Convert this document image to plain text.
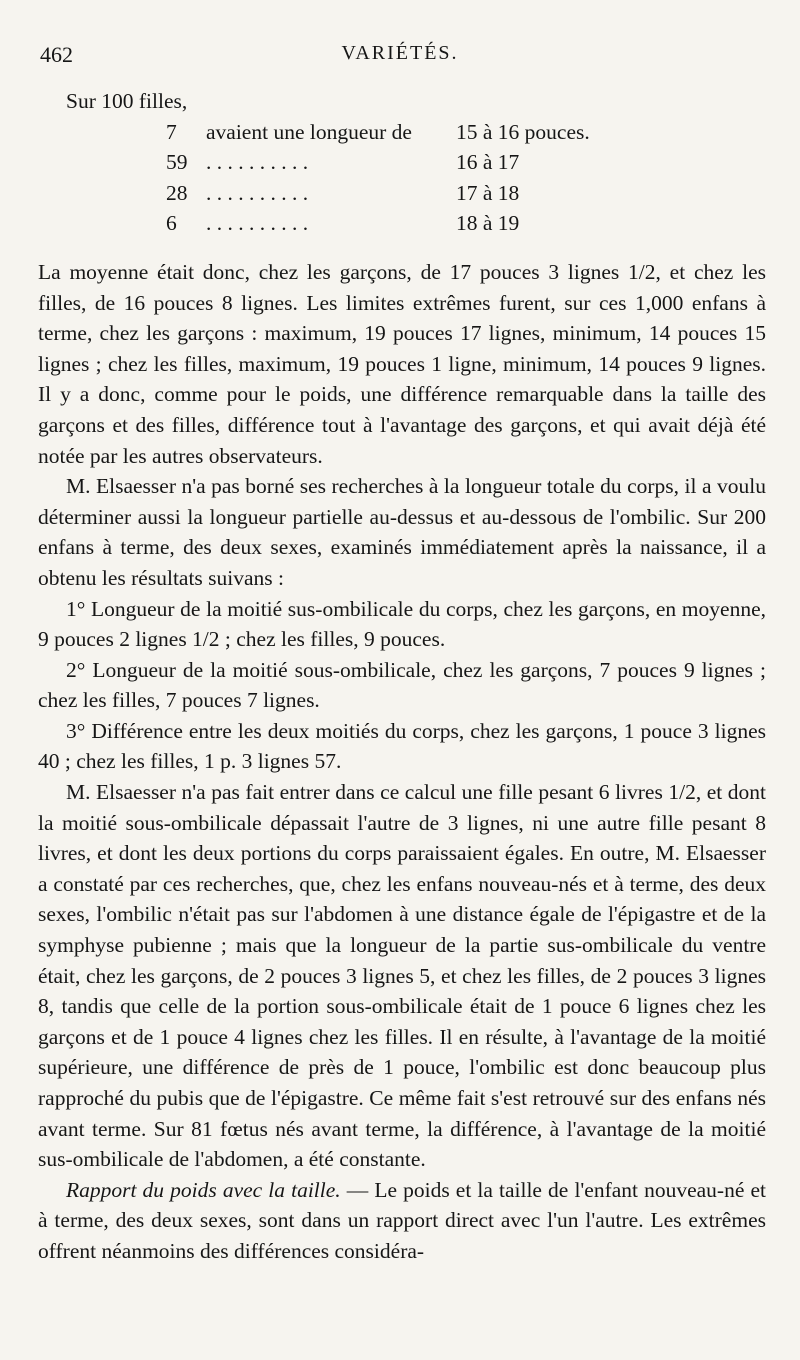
462	VARIÉTÉS.
Sur 100 filles,
7	avaient une longueur de	15 à 16 pouces.
59	. . . . . . . . . .	16 à 17
28	. . . . . . . . . .	17 à 18
6	. . . . . . . . . .	18 à 19

La moyenne était donc, chez les garçons, de 17 pouces 3 lignes 1/2, et chez les filles, de 16 pouces 8 lignes. Les limites extrêmes furent, sur ces 1,000 enfans à terme, chez les garçons : maximum, 19 pouces 17 lignes, minimum, 14 pouces 15 lignes ; chez les filles, maximum, 19 pouces 1 ligne, minimum, 14 pouces 9 lignes. Il y a donc, comme pour le poids, une différence remarquable dans la taille des garçons et des filles, différence tout à l'avantage des garçons, et qui avait déjà été notée par les autres observateurs.

M. Elsaesser n'a pas borné ses recherches à la longueur totale du corps, il a voulu déterminer aussi la longueur partielle au-dessus et au-dessous de l'ombilic. Sur 200 enfans à terme, des deux sexes, examinés immédiatement après la naissance, il a obtenu les résultats suivans :

1° Longueur de la moitié sus-ombilicale du corps, chez les garçons, en moyenne, 9 pouces 2 lignes 1/2 ; chez les filles, 9 pouces.

2° Longueur de la moitié sous-ombilicale, chez les garçons, 7 pouces 9 lignes ; chez les filles, 7 pouces 7 lignes.

3° Différence entre les deux moitiés du corps, chez les garçons, 1 pouce 3 lignes 40 ; chez les filles, 1 p. 3 lignes 57.

M. Elsaesser n'a pas fait entrer dans ce calcul une fille pesant 6 livres 1/2, et dont la moitié sous-ombilicale dépassait l'autre de 3 lignes, ni une autre fille pesant 8 livres, et dont les deux portions du corps paraissaient égales. En outre, M. Elsaesser a constaté par ces recherches, que, chez les enfans nouveau-nés et à terme, des deux sexes, l'ombilic n'était pas sur l'abdomen à une distance égale de l'épigastre et de la symphyse pubienne ; mais que la longueur de la partie sus-ombilicale du ventre était, chez les garçons, de 2 pouces 3 lignes 5, et chez les filles, de 2 pouces 3 lignes 8, tandis que celle de la portion sous-ombilicale était de 1 pouce 6 lignes chez les garçons et de 1 pouce 4 lignes chez les filles. Il en résulte, à l'avantage de la moitié supérieure, une différence de près de 1 pouce, l'ombilic est donc beaucoup plus rapproché du pubis que de l'épigastre. Ce même fait s'est retrouvé sur des enfans nés avant terme. Sur 81 fœtus nés avant terme, la différence, à l'avantage de la moitié sus-ombilicale de l'abdomen, a été constante.

Rapport du poids avec la taille. — Le poids et la taille de l'enfant nouveau-né et à terme, des deux sexes, sont dans un rapport direct avec l'un l'autre. Les extrêmes offrent néanmoins des différences considéra-
